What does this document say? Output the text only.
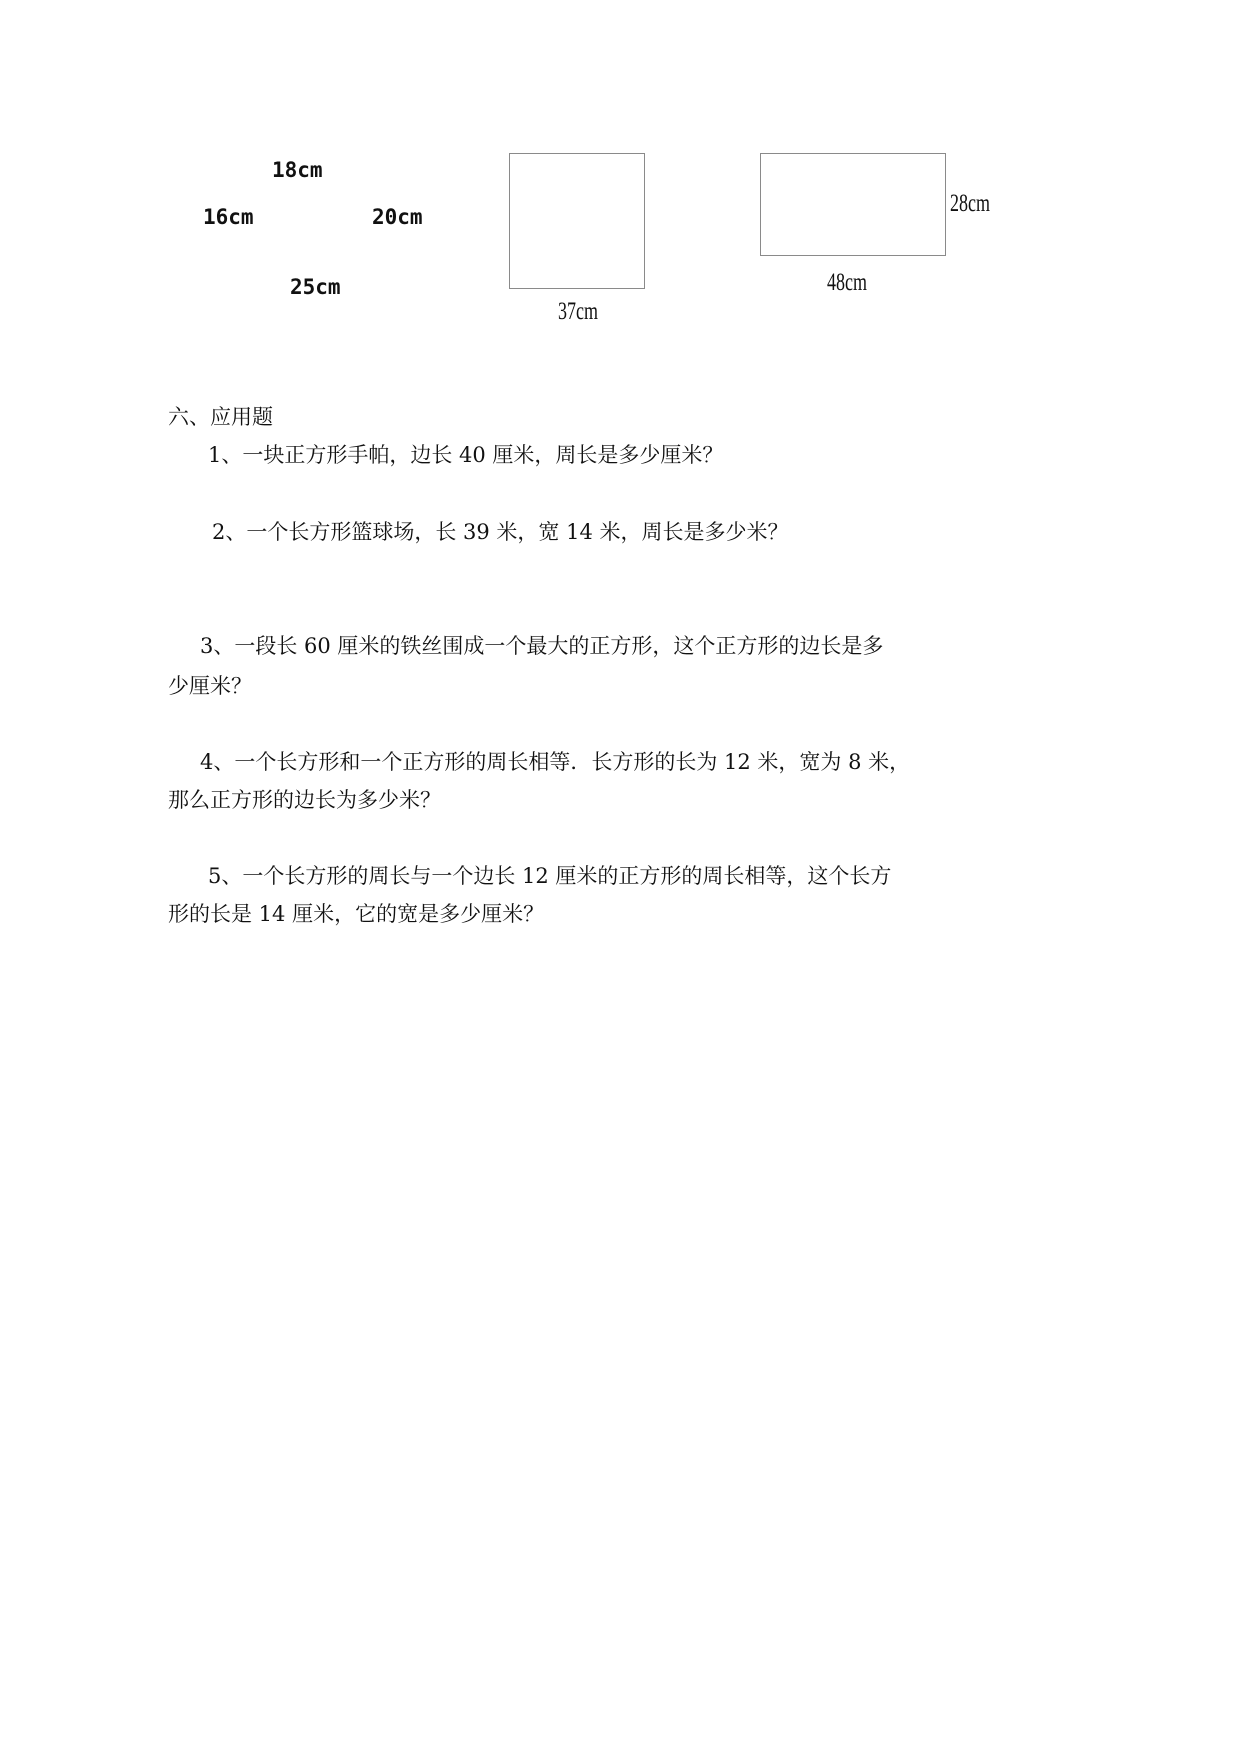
18cm
16cm	20cm
25cm
37cm
28cm
48cm
六、应用题
1、一块正方形手帕，边长 40 厘米，周长是多少厘米？
2、一个长方形篮球场，长 39 米，宽 14 米，周长是多少米？
3、一段长 60 厘米的铁丝围成一个最大的正方形，这个正方形的边长是多
少厘米？
4、一个长方形和一个正方形的周长相等．长方形的长为 12 米，宽为 8 米，
那么正方形的边长为多少米？
5、一个长方形的周长与一个边长 12 厘米的正方形的周长相等，这个长方
形的长是 14 厘米，它的宽是多少厘米？
